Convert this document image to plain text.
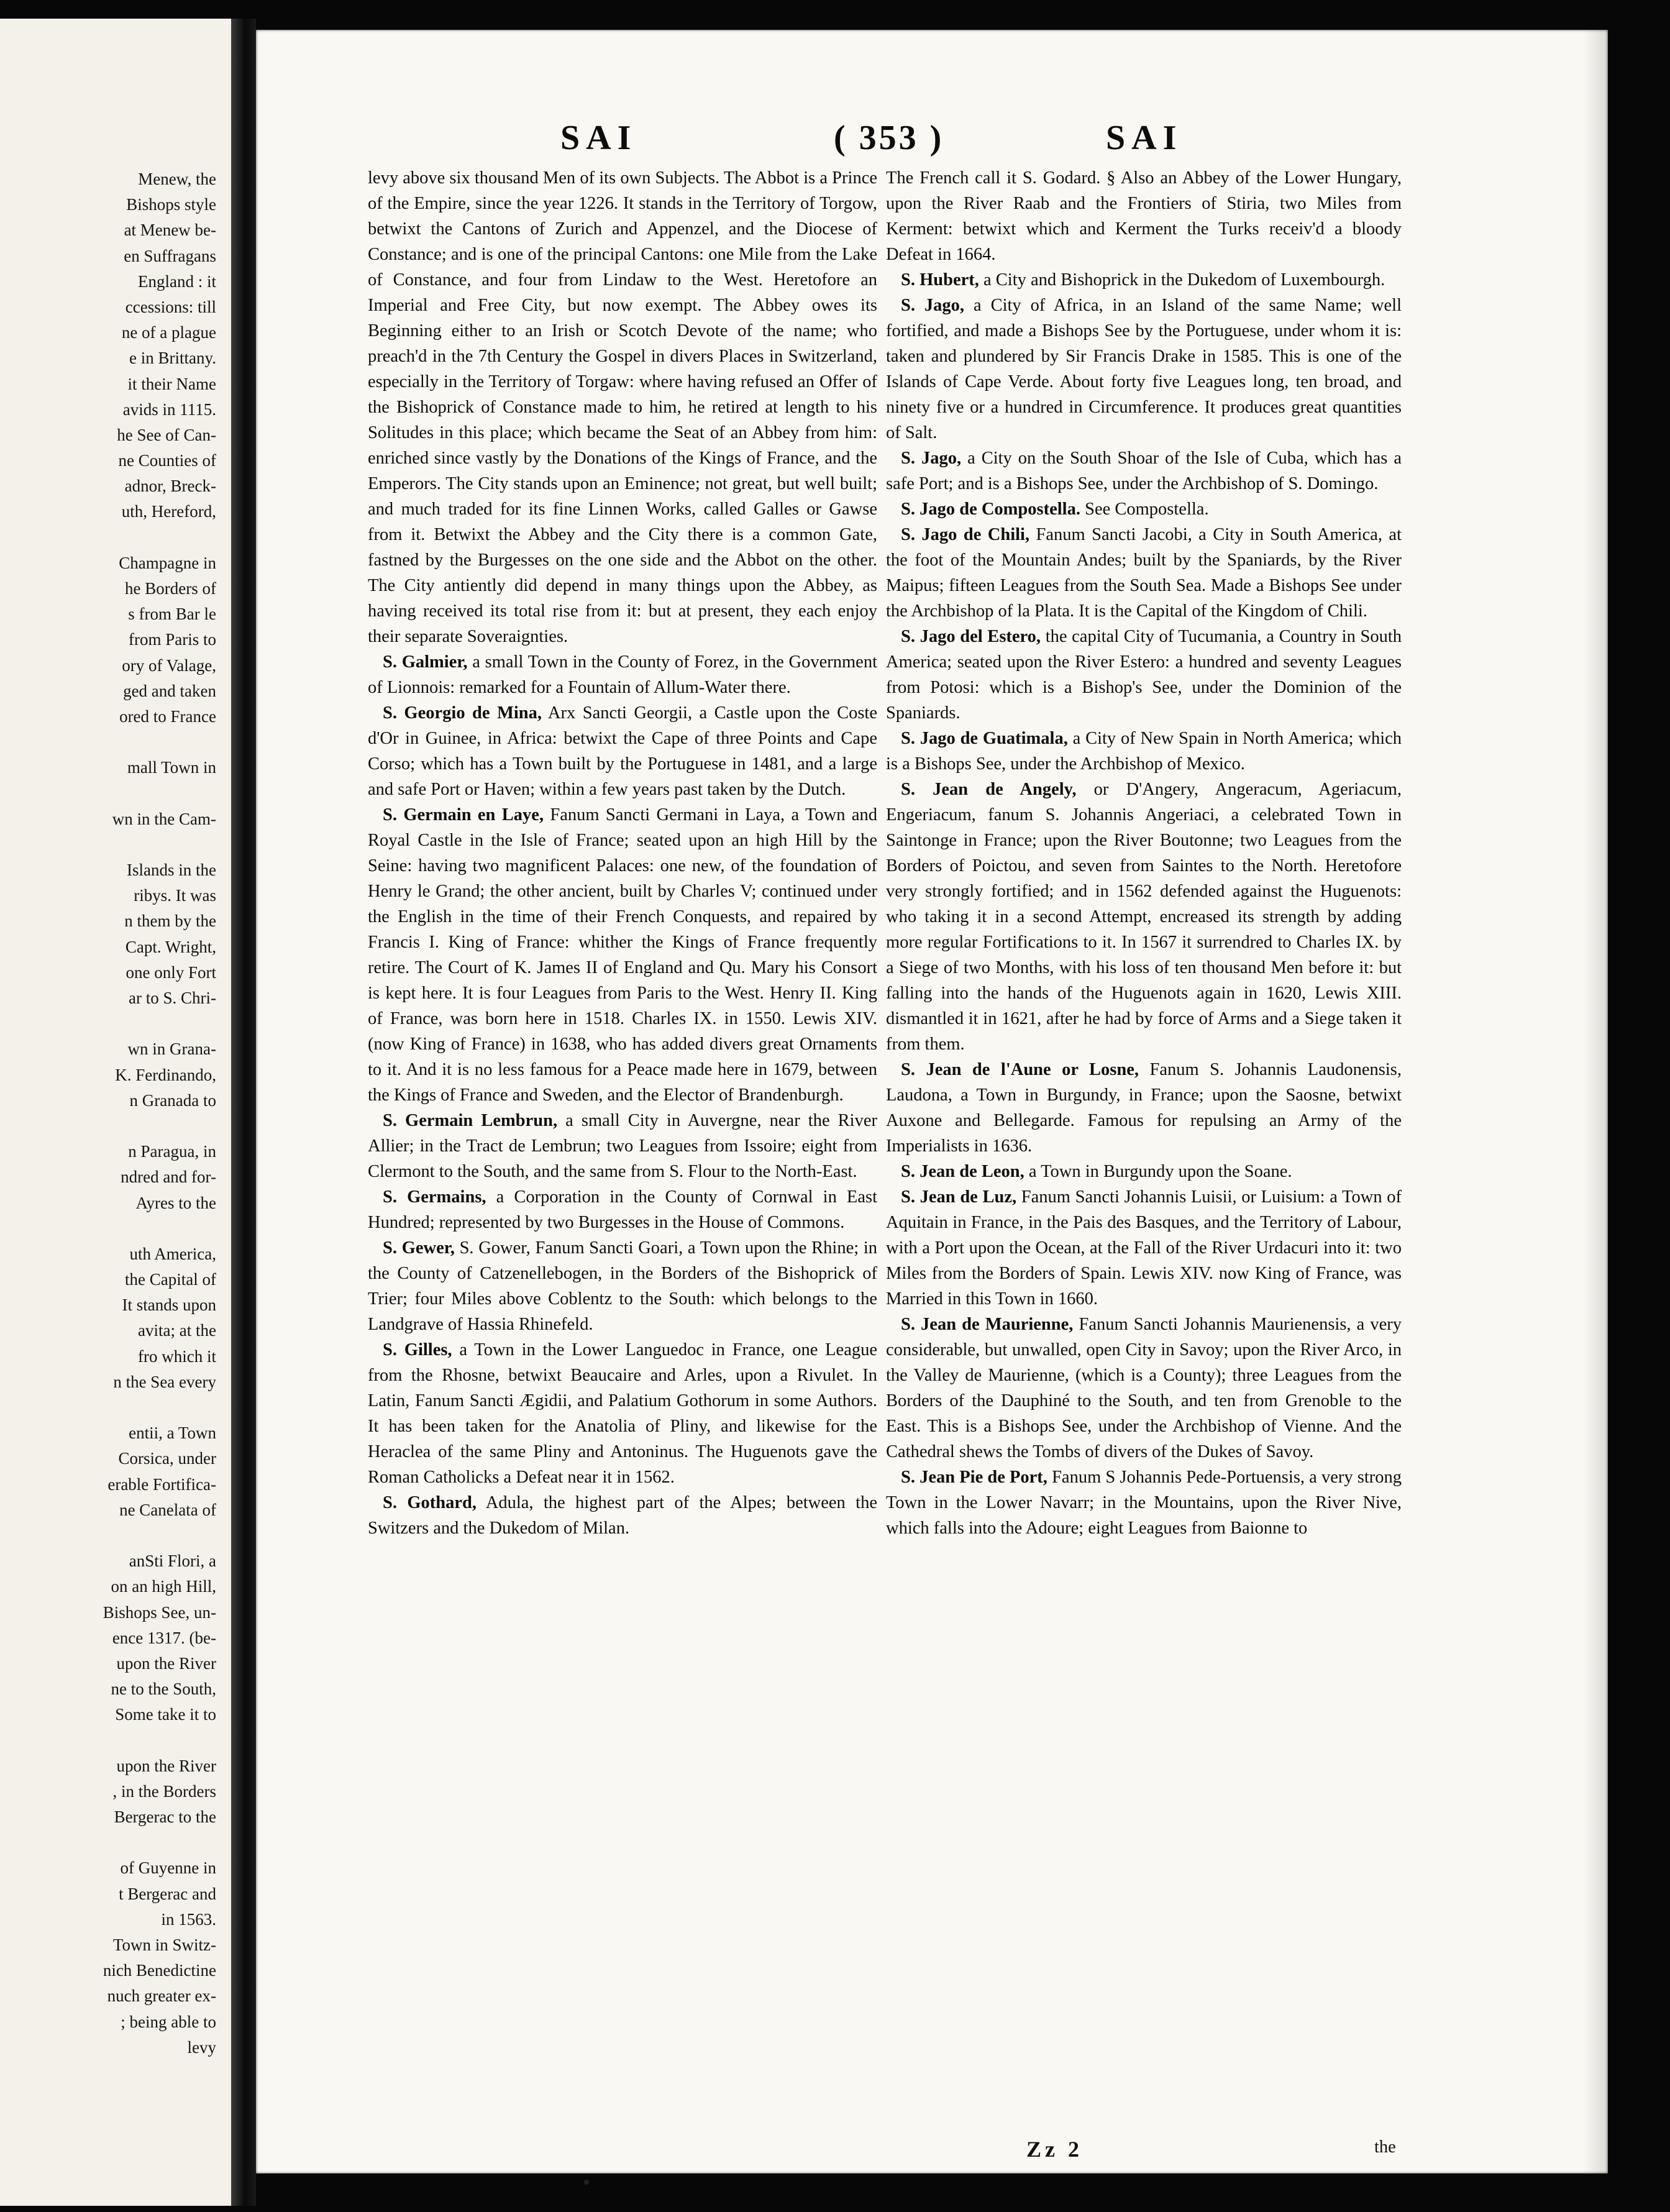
Menew, the
Bishops style
at Menew be-
en Suffragans
England : it
ccessions: till
ne of a plague
e in Brittany.
it their Name
avids in 1115.
he See of Can-
ne Counties of
adnor, Breck-
uth, Hereford,
Champagne in
he Borders of
s from Bar le
from Paris to
ory of Valage,
ged and taken
ored to France
mall Town in
wn in the Cam-
Islands in the
ribys. It was
n them by the
Capt. Wright,
one only Fort
ar to S. Chri-
wn in Grana-
K. Ferdinando,
n Granada to
n Paragua, in
ndred and for-
Ayres to the
uth America,
the Capital of
It stands upon
avita; at the
fro which it
n the Sea every
entii, a Town
Corsica, under
erable Fortifica-
ne Canelata of
anSti Flori, a
on an high Hill,
Bishops See, un-
ence 1317. (be-
upon the River
ne to the South,
Some take it to
upon the River
, in the Borders
Bergerac to the
of Guyenne in
t Bergerac and
in 1563.
Town in Switz-
nich Benedictine
nuch greater ex-
; being able to
levy
SAI	( 353 )	SAI

levy above six thousand Men of its own Subjects. The Abbot is a Prince of the Empire, since the year 1226. It stands in the Territory of Torgow, betwixt the Cantons of Zurich and Appenzel, and the Diocese of Constance; and is one of the principal Cantons: one Mile from the Lake of Constance, and four from Lindaw to the West. Heretofore an Imperial and Free City, but now exempt. The Abbey owes its Beginning either to an Irish or Scotch Devote of the name; who preach'd in the 7th Century the Gospel in divers Places in Switzerland, especially in the Territory of Torgaw: where having refused an Offer of the Bishoprick of Constance made to him, he retired at length to his Solitudes in this place; which became the Seat of an Abbey from him: enriched since vastly by the Donations of the Kings of France, and the Emperors. The City stands upon an Eminence; not great, but well built; and much traded for its fine Linnen Works, called Galles or Gawse from it. Betwixt the Abbey and the City there is a common Gate, fastned by the Burgesses on the one side and the Abbot on the other. The City antiently did depend in many things upon the Abbey, as having received its total rise from it: but at present, they each enjoy their separate Soveraignties.

S. Galmier, a small Town in the County of Forez, in the Government of Lionnois: remarked for a Fountain of Allum-Water there.

S. Georgio de Mina, Arx Sancti Georgii, a Castle upon the Coste d'Or in Guinee, in Africa: betwixt the Cape of three Points and Cape Corso; which has a Town built by the Portuguese in 1481, and a large and safe Port or Haven; within a few years past taken by the Dutch.

S. Germain en Laye, Fanum Sancti Germani in Laya, a Town and Royal Castle in the Isle of France; seated upon an high Hill by the Seine: having two magnificent Palaces: one new, of the foundation of Henry le Grand; the other ancient, built by Charles V; continued under the English in the time of their French Conquests, and repaired by Francis I. King of France: whither the Kings of France frequently retire. The Court of K. James II of England and Qu. Mary his Consort is kept here. It is four Leagues from Paris to the West. Henry II. King of France, was born here in 1518. Charles IX. in 1550. Lewis XIV. (now King of France) in 1638, who has added divers great Ornaments to it. And it is no less famous for a Peace made here in 1679, between the Kings of France and Sweden, and the Elector of Brandenburgh.

S. Germain Lembrun, a small City in Auvergne, near the River Allier; in the Tract de Lembrun; two Leagues from Issoire; eight from Clermont to the South, and the same from S. Flour to the North-East.

S. Germains, a Corporation in the County of Cornwal in East Hundred; represented by two Burgesses in the House of Commons.

S. Gewer, S. Gower, Fanum Sancti Goari, a Town upon the Rhine; in the County of Catzenellebogen, in the Borders of the Bishoprick of Trier; four Miles above Coblentz to the South: which belongs to the Landgrave of Hassia Rhinefeld.

S. Gilles, a Town in the Lower Languedoc in France, one League from the Rhosne, betwixt Beaucaire and Arles, upon a Rivulet. In Latin, Fanum Sancti Ægidii, and Palatium Gothorum in some Authors. It has been taken for the Anatolia of Pliny, and likewise for the Heraclea of the same Pliny and Antoninus. The Huguenots gave the Roman Catholicks a Defeat near it in 1562.

S. Gothard, Adula, the highest part of the Alpes; between the Switzers and the Dukedom of Milan.

The French call it S. Godard. § Also an Abbey of the Lower Hungary, upon the River Raab and the Frontiers of Stiria, two Miles from Kerment: betwixt which and Kerment the Turks receiv'd a bloody Defeat in 1664.

S. Hubert, a City and Bishoprick in the Dukedom of Luxembourgh.

S. Jago, a City of Africa, in an Island of the same Name; well fortified, and made a Bishops See by the Portuguese, under whom it is: taken and plundered by Sir Francis Drake in 1585. This is one of the Islands of Cape Verde. About forty five Leagues long, ten broad, and ninety five or a hundred in Circumference. It produces great quantities of Salt.

S. Jago, a City on the South Shoar of the Isle of Cuba, which has a safe Port; and is a Bishops See, under the Archbishop of S. Domingo.

S. Jago de Compostella. See Compostella.

S. Jago de Chili, Fanum Sancti Jacobi, a City in South America, at the foot of the Mountain Andes; built by the Spaniards, by the River Maipus; fifteen Leagues from the South Sea. Made a Bishops See under the Archbishop of la Plata. It is the Capital of the Kingdom of Chili.

S. Jago del Estero, the capital City of Tucumania, a Country in South America; seated upon the River Estero: a hundred and seventy Leagues from Potosi: which is a Bishop's See, under the Dominion of the Spaniards.

S. Jago de Guatimala, a City of New Spain in North America; which is a Bishops See, under the Archbishop of Mexico.

S. Jean de Angely, or D'Angery, Angeracum, Ageriacum, Engeriacum, fanum S. Johannis Angeriaci, a celebrated Town in Saintonge in France; upon the River Boutonne; two Leagues from the Borders of Poictou, and seven from Saintes to the North. Heretofore very strongly fortified; and in 1562 defended against the Huguenots: who taking it in a second Attempt, encreased its strength by adding more regular Fortifications to it. In 1567 it surrendred to Charles IX. by a Siege of two Months, with his loss of ten thousand Men before it: but falling into the hands of the Huguenots again in 1620, Lewis XIII. dismantled it in 1621, after he had by force of Arms and a Siege taken it from them.

S. Jean de l'Aune or Losne, Fanum S. Johannis Laudonensis, Laudona, a Town in Burgundy, in France; upon the Saosne, betwixt Auxone and Bellegarde. Famous for repulsing an Army of the Imperialists in 1636.

S. Jean de Leon, a Town in Burgundy upon the Soane.

S. Jean de Luz, Fanum Sancti Johannis Luisii, or Luisium: a Town of Aquitain in France, in the Pais des Basques, and the Territory of Labour, with a Port upon the Ocean, at the Fall of the River Urdacuri into it: two Miles from the Borders of Spain. Lewis XIV. now King of France, was Married in this Town in 1660.

S. Jean de Maurienne, Fanum Sancti Johannis Maurienensis, a very considerable, but unwalled, open City in Savoy; upon the River Arco, in the Valley de Maurienne, (which is a County); three Leagues from the Borders of the Dauphiné to the South, and ten from Grenoble to the East. This is a Bishops See, under the Archbishop of Vienne. And the Cathedral shews the Tombs of divers of the Dukes of Savoy.

S. Jean Pie de Port, Fanum S Johannis Pede-Portuensis, a very strong Town in the Lower Navarr; in the Mountains, upon the River Nive, which falls into the Adoure; eight Leagues from Baionne to

Zz 2	the
